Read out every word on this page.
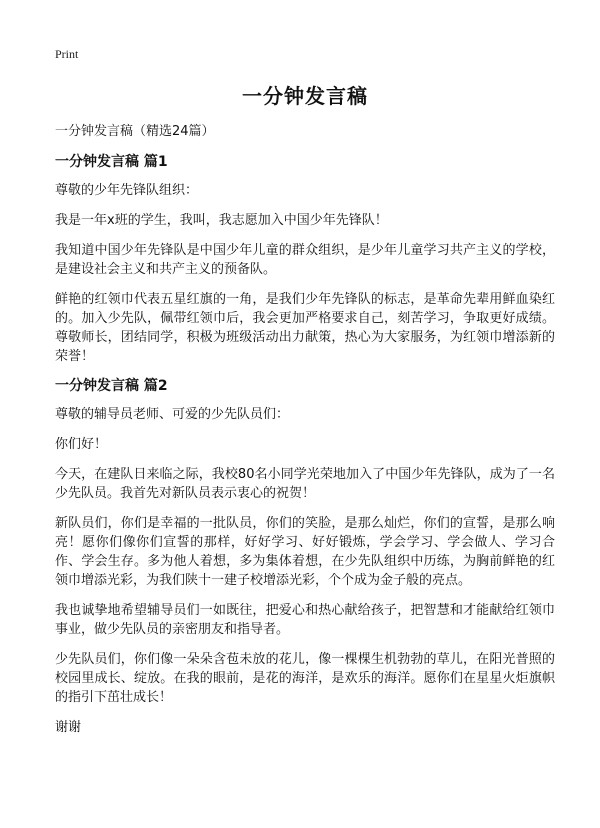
Print
一分钟发言稿
一分钟发言稿（精选24篇）
一分钟发言稿 篇1

尊敬的少年先锋队组织：

我是一年x班的学生，我叫，我志愿加入中国少年先锋队！

我知道中国少年先锋队是中国少年儿童的群众组织，是少年儿童学习共产主义的学校，是建设社会主义和共产主义的预备队。

鲜艳的红领巾代表五星红旗的一角，是我们少年先锋队的标志，是革命先辈用鲜血染红的。加入少先队，佩带红领巾后，我会更加严格要求自己，刻苦学习，争取更好成绩。尊敬师长，团结同学，积极为班级活动出力献策，热心为大家服务，为红领巾增添新的荣誉！

一分钟发言稿 篇2

尊敬的辅导员老师、可爱的少先队员们：

你们好！

今天，在建队日来临之际，我校80名小同学光荣地加入了中国少年先锋队，成为了一名少先队员。我首先对新队员表示衷心的祝贺！

新队员们，你们是幸福的一批队员，你们的笑脸，是那么灿烂，你们的宣誓，是那么响亮！愿你们像你们宣誓的那样，好好学习、好好锻炼，学会学习、学会做人、学习合作、学会生存。多为他人着想，多为集体着想，在少先队组织中历练，为胸前鲜艳的红领巾增添光彩，为我们陕十一建子校增添光彩，个个成为金子般的亮点。

我也诚挚地希望辅导员们一如既往，把爱心和热心献给孩子，把智慧和才能献给红领巾事业，做少先队员的亲密朋友和指导者。

少先队员们，你们像一朵朵含苞未放的花儿，像一棵棵生机勃勃的草儿，在阳光普照的校园里成长、绽放。在我的眼前，是花的海洋，是欢乐的海洋。愿你们在星星火炬旗帜的指引下茁壮成长！

谢谢
